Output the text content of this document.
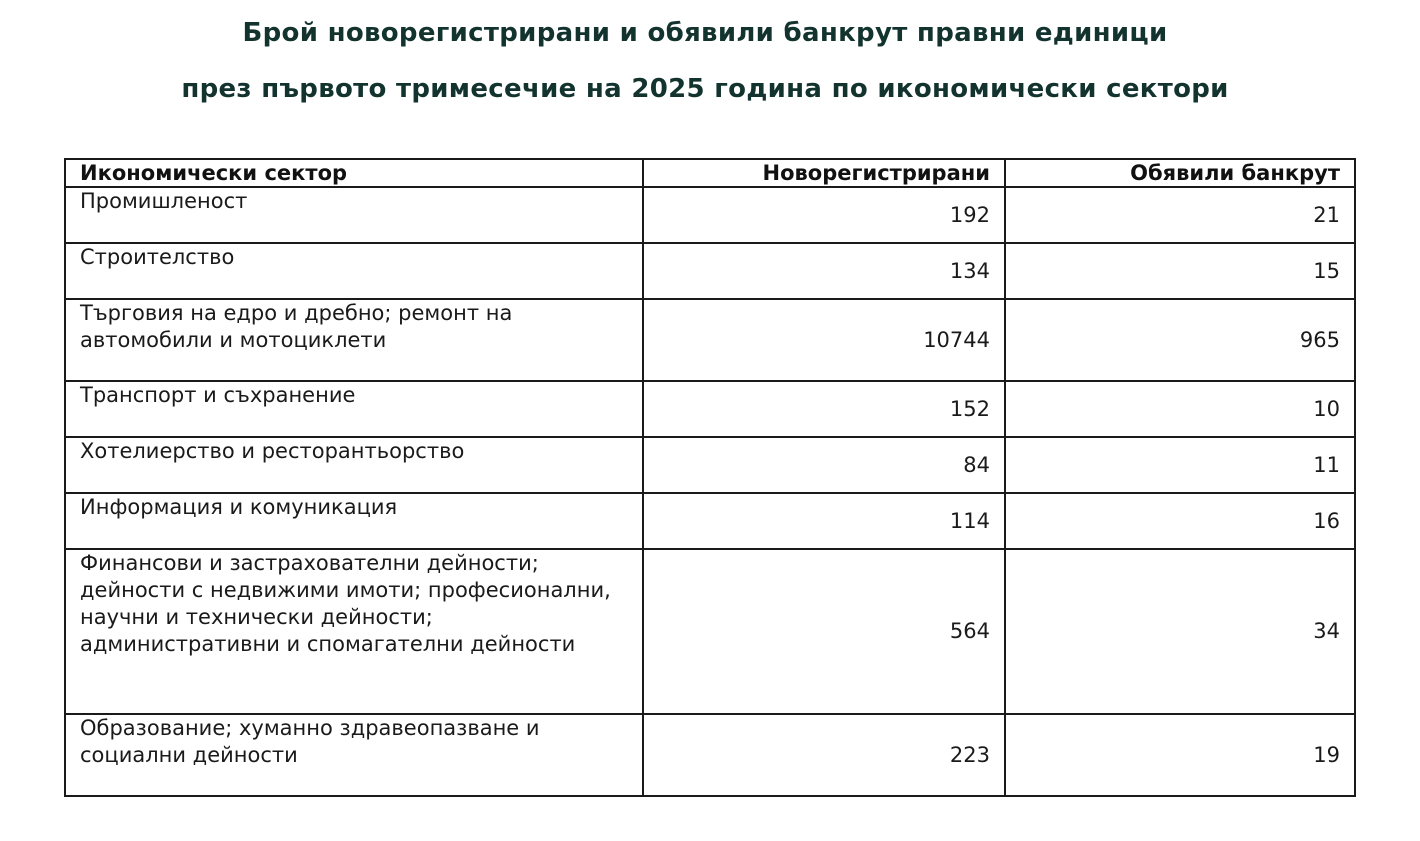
Брой новорегистрирани и обявили банкрут правни единици
през първото тримесечие на 2025 година по икономически сектори
Икономически сектор	Новорегистрирани	Обявили банкрут
Промишленост	192	21
Строителство	134	15
Търговия на едро и дребно; ремонт на автомобили и мотоциклети	10744	965
Транспорт и съхранение	152	10
Хотелиерство и ресторантьорство	84	11
Информация и комуникация	114	16
Финансови и застрахователни дейности; дейности с недвижими имоти; професионални, научни и технически дейности; административни и спомагателни дейности	564	34
Образование; хуманно здравеопазване и социални дейности	223	19
